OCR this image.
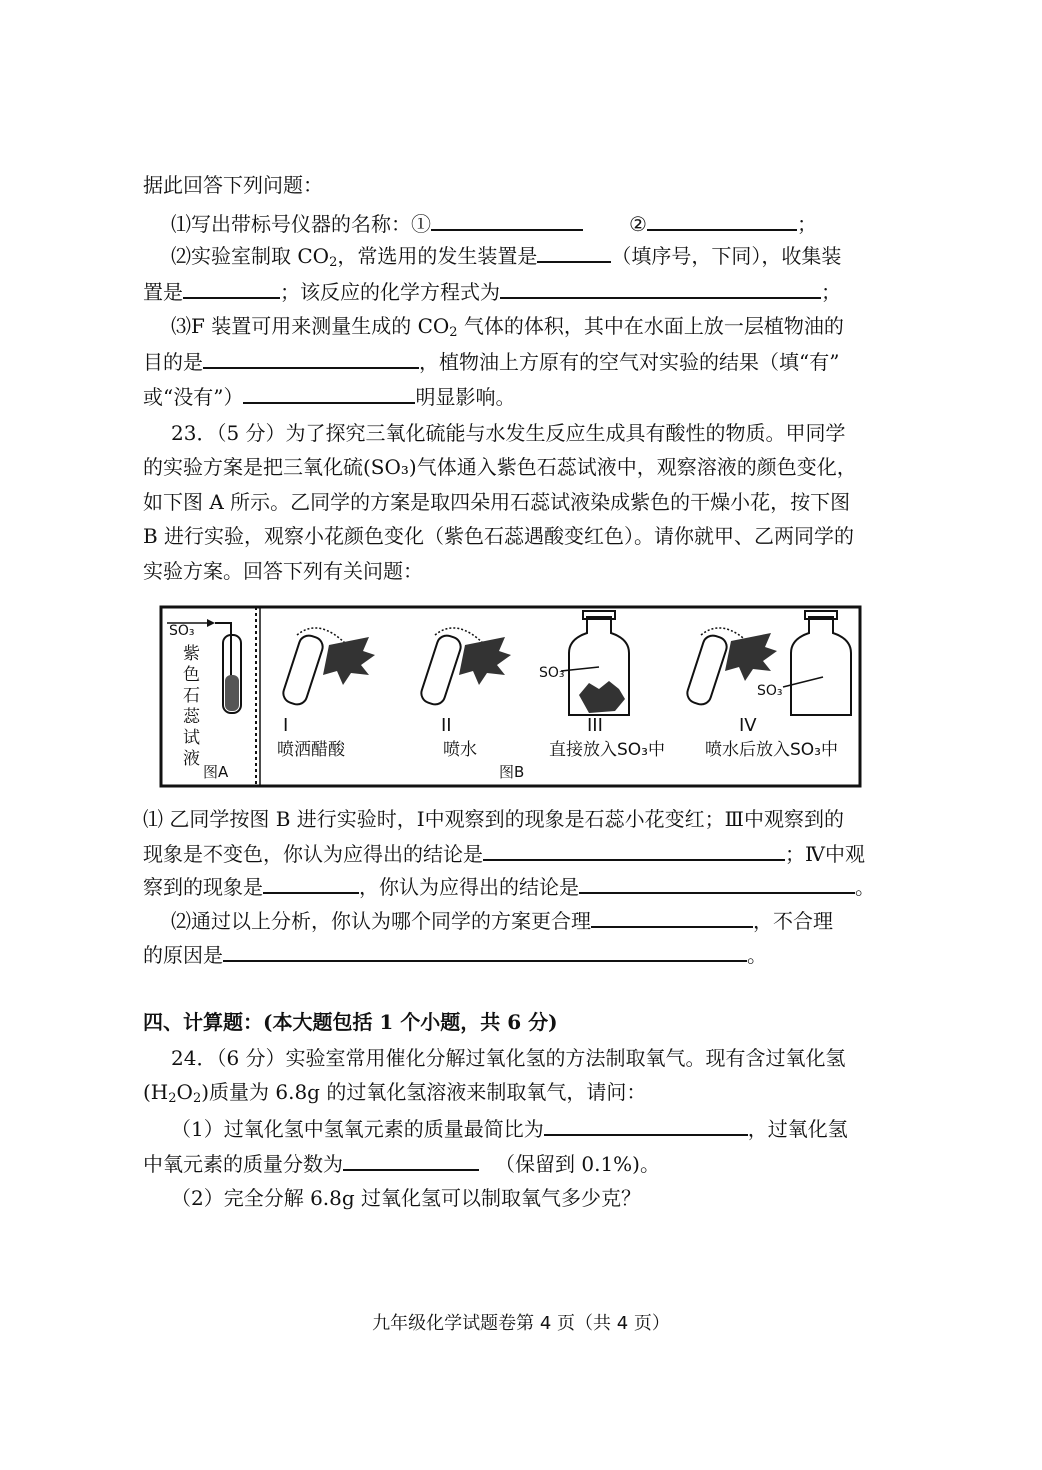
据此回答下列问题：
⑴写出带标号仪器的名称：①	②	；
⑵实验室制取 $CO_2$，常选用的发生装置是	（填序号，下同），收集装
置是	；该反应的化学方程式为	；
⑶F 装置可用来测量生成的 $CO_2$ 气体的体积，其中在水面上放一层植物油的
目的是	，植物油上方原有的空气对实验的结果（填“有”
或“没有”）	明显影响。
23．（5 分）为了探究三氧化硫能与水发生反应生成具有酸性的物质。甲同学
的实验方案是把三氧化硫(SO₃)气体通入紫色石蕊试液中，观察溶液的颜色变化，
如下图 A 所示。乙同学的方案是取四朵用石蕊试液染成紫色的干燥小花，按下图
B 进行实验，观察小花颜色变化（紫色石蕊遇酸变红色）。请你就甲、乙两同学的
实验方案。回答下列有关问题：
SO₃
紫
色
石
蕊
试
液
图A
I
喷洒醋酸
II
喷水
SO₃
III
直接放入SO₃中
SO₃
IV
喷水后放入SO₃中
图B
⑴ 乙同学按图 B 进行实验时，Ⅰ中观察到的现象是石蕊小花变红；Ⅲ中观察到的
现象是不变色，你认为应得出的结论是	；Ⅳ中观
察到的现象是	，你认为应得出的结论是	。
⑵通过以上分析，你认为哪个同学的方案更合理	，不合理
的原因是	。
四、计算题：(本大题包括 1 个小题，共 6 分)
24．（6 分）实验室常用催化分解过氧化氢的方法制取氧气。现有含过氧化氢
$(H_2O_2)$质量为 6.8g 的过氧化氢溶液来制取氧气，请问：
（1）过氧化氢中氢氧元素的质量最简比为	，过氧化氢
中氧元素的质量分数为	（保留到 0.1%)。
（2）完全分解 6.8g 过氧化氢可以制取氧气多少克？
九年级化学试题卷第 4 页（共 4 页）
